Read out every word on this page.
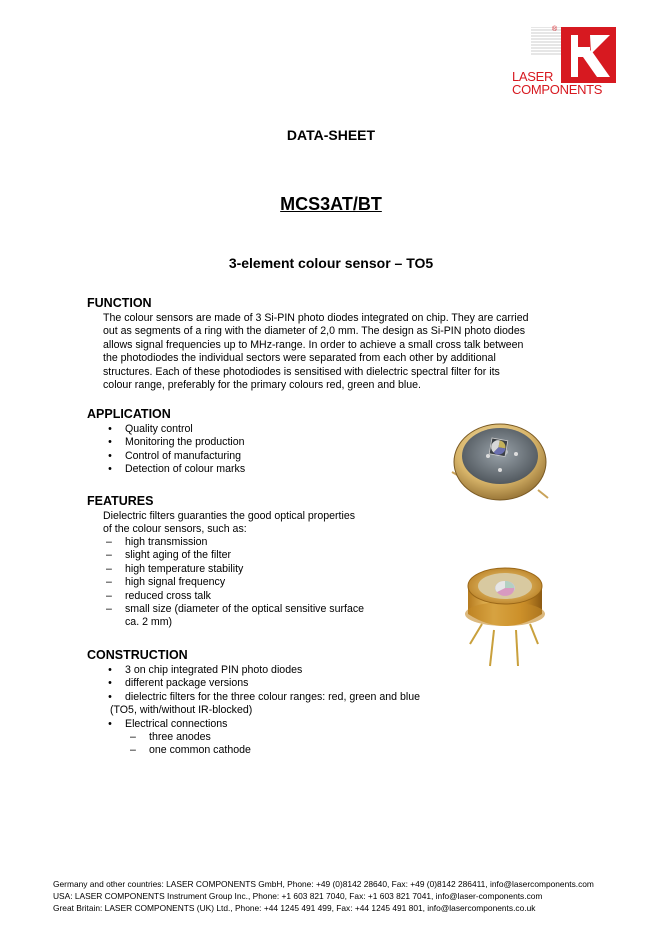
®
LASER
COMPONENTS
DATA-SHEET
MCS3AT/BT
3-element colour sensor – TO5
FUNCTION
The colour sensors are made of 3 Si-PIN photo diodes integrated on chip. They are carried
out as segments of a ring with the diameter of 2,0 mm. The design as Si-PIN photo diodes
allows signal frequencies up to MHz-range. In order to achieve a small cross talk between
the photodiodes the individual sectors were separated from each other by additional
structures. Each of these photodiodes is sensitised with dielectric spectral filter for its
colour range, preferably for the primary colours red, green and blue.
APPLICATION
•	Quality control
•	Monitoring the production
•	Control of manufacturing
•	Detection of colour marks
FEATURES
Dielectric filters guaranties the good optical properties
of the colour sensors, such as:
–	high transmission
–	slight aging of the filter
–	high temperature stability
–	high signal frequency
–	reduced cross talk
–	small size (diameter of the optical sensitive surface
ca. 2 mm)
CONSTRUCTION
•	3 on chip integrated PIN photo diodes
•	different package versions
•	dielectric filters for the three colour ranges: red, green and blue
(TO5, with/without IR-blocked)
•	Electrical connections
–	three anodes
–	one common cathode
Germany and other countries: LASER COMPONENTS GmbH, Phone: +49 (0)8142 28640, Fax: +49 (0)8142 286411, info@lasercomponents.com
USA: LASER COMPONENTS Instrument Group Inc., Phone: +1 603 821 7040, Fax: +1 603 821 7041, info@laser-components.com
Great Britain: LASER COMPONENTS (UK) Ltd., Phone: +44 1245 491 499, Fax: +44 1245 491 801, info@lasercomponents.co.uk
